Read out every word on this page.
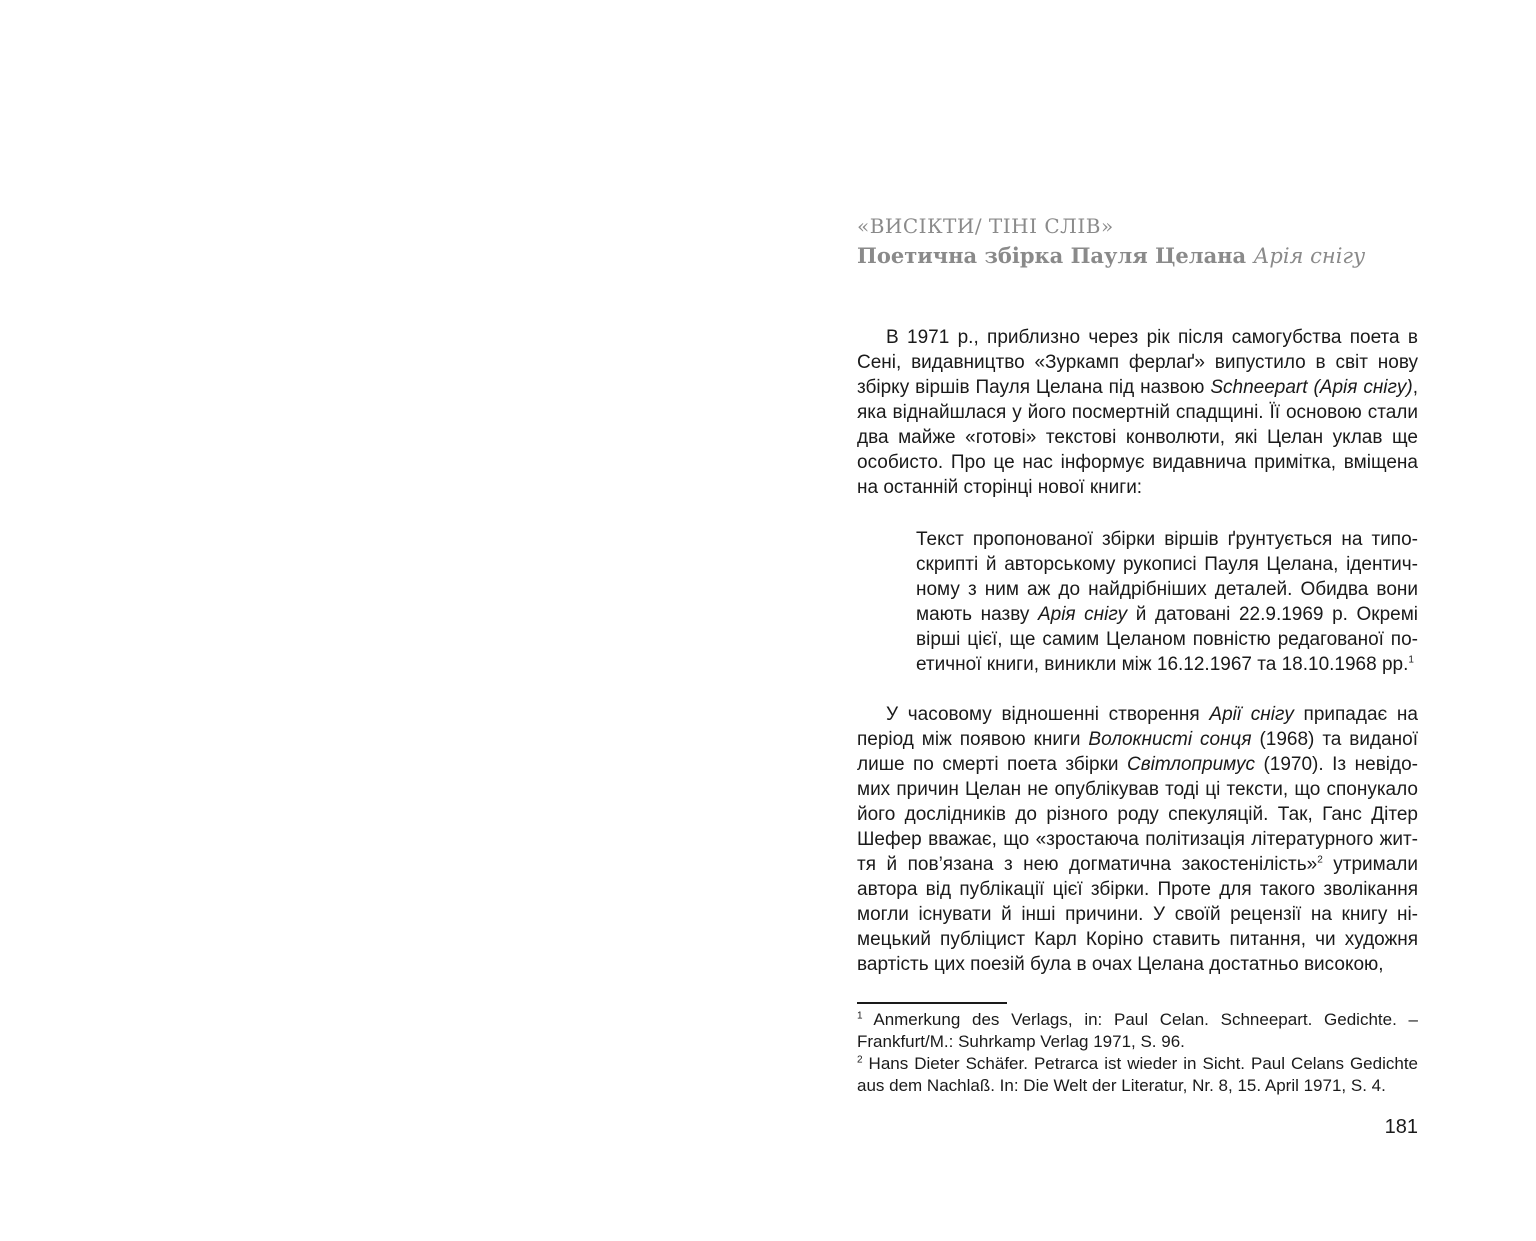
«ВИСІКТИ/ ТІНІ СЛІВ»

Поетична збірка Пауля Целана Арія снігу

В 1971 р., приблизно через рік після самогубства поета в Сені, видавництво «Зуркамп ферлаґ» випустило в світ нову збірку віршів Пауля Целана під назвою Schneepart (Арія снігу), яка віднайшлася у його посмертній спадщині. Її основою стали два майже «готові» текстові конволюти, які Целан уклав ще особисто. Про це нас інформує видавнича примітка, вміщена на останній сторінці нової книги:

Текст пропонованої збірки віршів ґрунтується на типоскрипті й авторському рукописі Пауля Целана, ідентичному з ним аж до найдрібніших деталей. Обидва вони мають назву Арія снігу й датовані 22.9.1969 р. Окремі вірші цієї, ще самим Целаном повністю редагованої поетичної книги, виникли між 16.12.1967 та 18.10.1968 рр.$^1$

У часовому відношенні створення Арії снігу припадає на період між появою книги Волокнисті сонця (1968) та виданої лише по смерті поета збірки Світлопримус (1970). Із невідомих причин Целан не опублікував тоді ці тексти, що спонукало його дослідників до різного роду спекуляцій. Так, Ганс Дітер Шефер вважає, що «зростаюча політизація літературного життя й пов’язана з нею догматична закостенілість»$^2$ утримали автора від публікації цієї збірки. Проте для такого зволікання могли існувати й інші причини. У своїй рецензії на книгу німецький публіцист Карл Коріно ставить питання, чи художня вартість цих поезій була в очах Целана достатньо високою,

$^1$ Anmerkung des Verlags, in: Paul Celan. Schneepart. Gedichte. – Frankfurt/M.: Suhrkamp Verlag 1971, S. 96.

$^2$ Hans Dieter Schäfer. Petrarca ist wieder in Sicht. Paul Celans Gedichte aus dem Nachlaß. In: Die Welt der Literatur, Nr. 8, 15. April 1971, S. 4.

181
